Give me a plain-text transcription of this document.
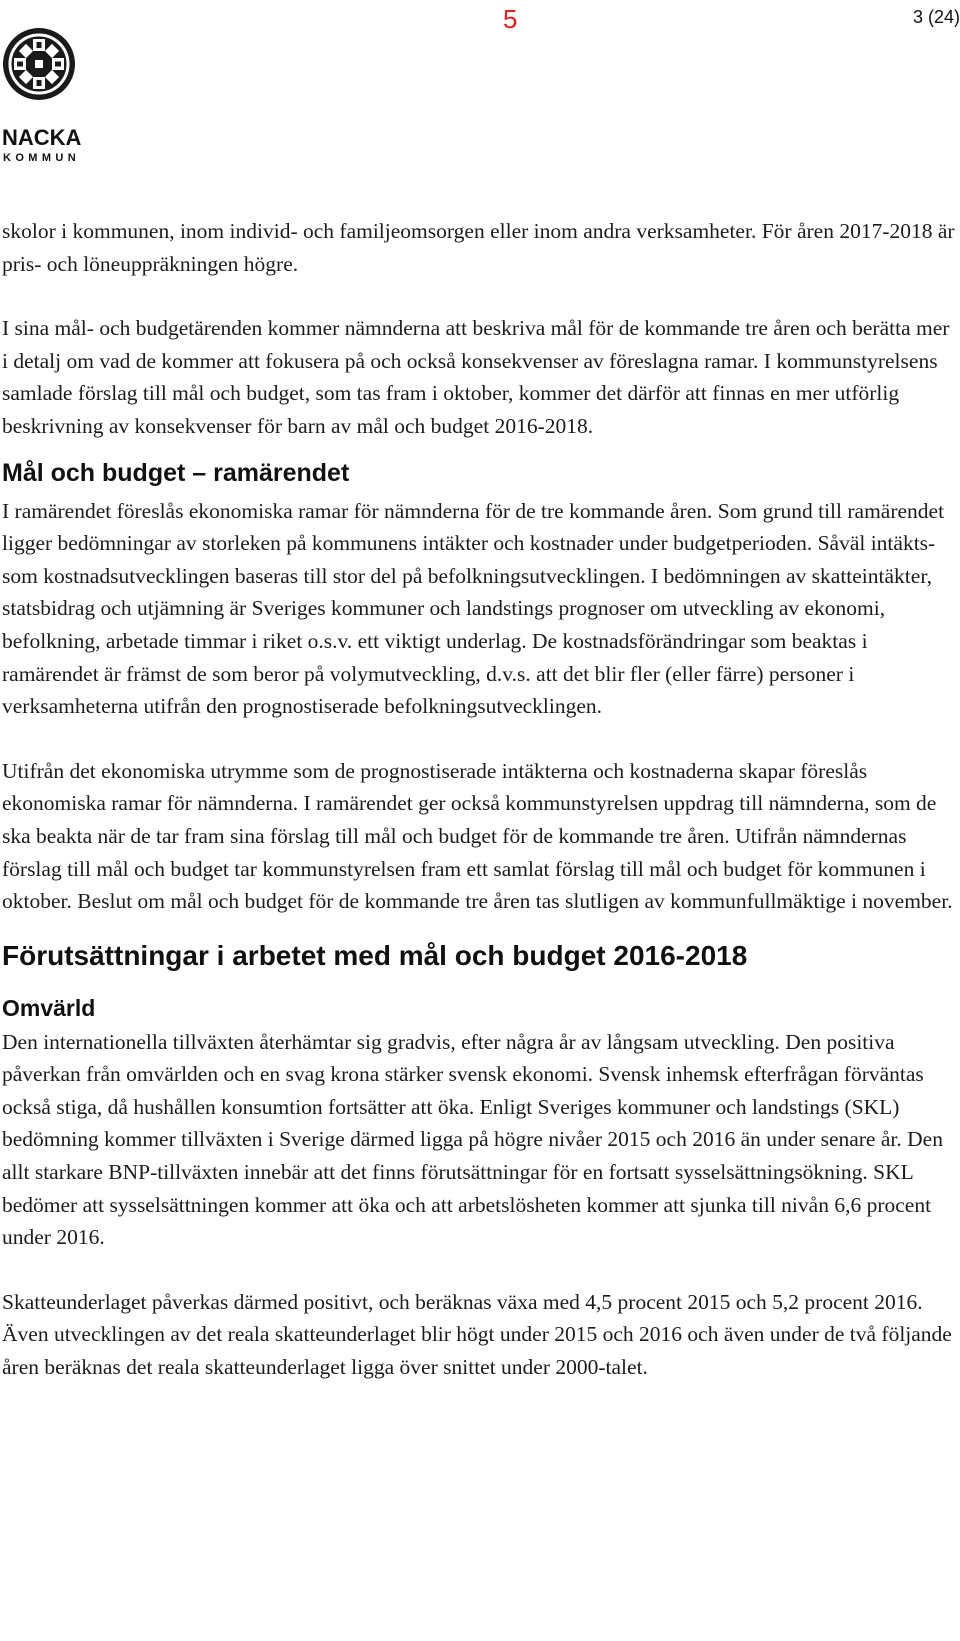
5	3 (24)
NACKA
KOMMUN

skolor i kommunen, inom individ- och familjeomsorgen eller inom andra verksamheter. För åren 2017-2018 är pris- och löneuppräkningen högre.

I sina mål- och budgetärenden kommer nämnderna att beskriva mål för de kommande tre åren och berätta mer i detalj om vad de kommer att fokusera på och också konsekvenser av föreslagna ramar. I kommunstyrelsens samlade förslag till mål och budget, som tas fram i oktober, kommer det därför att finnas en mer utförlig beskrivning av konsekvenser för barn av mål och budget 2016-2018.

Mål och budget – ramärendet

I ramärendet föreslås ekonomiska ramar för nämnderna för de tre kommande åren. Som grund till ramärendet ligger bedömningar av storleken på kommunens intäkter och kostnader under budgetperioden. Såväl intäkts- som kostnadsutvecklingen baseras till stor del på befolkningsutvecklingen. I bedömningen av skatteintäkter, statsbidrag och utjämning är Sveriges kommuner och landstings prognoser om utveckling av ekonomi, befolkning, arbetade timmar i riket o.s.v. ett viktigt underlag. De kostnadsförändringar som beaktas i ramärendet är främst de som beror på volymutveckling, d.v.s. att det blir fler (eller färre) personer i verksamheterna utifrån den prognostiserade befolkningsutvecklingen.

Utifrån det ekonomiska utrymme som de prognostiserade intäkterna och kostnaderna skapar föreslås ekonomiska ramar för nämnderna. I ramärendet ger också kommunstyrelsen uppdrag till nämnderna, som de ska beakta när de tar fram sina förslag till mål och budget för de kommande tre åren. Utifrån nämndernas förslag till mål och budget tar kommunstyrelsen fram ett samlat förslag till mål och budget för kommunen i oktober. Beslut om mål och budget för de kommande tre åren tas slutligen av kommunfullmäktige i november.

Förutsättningar i arbetet med mål och budget 2016-2018
Omvärld

Den internationella tillväxten återhämtar sig gradvis, efter några år av långsam utveckling. Den positiva påverkan från omvärlden och en svag krona stärker svensk ekonomi. Svensk inhemsk efterfrågan förväntas också stiga, då hushållen konsumtion fortsätter att öka. Enligt Sveriges kommuner och landstings (SKL) bedömning kommer tillväxten i Sverige därmed ligga på högre nivåer 2015 och 2016 än under senare år. Den allt starkare BNP-tillväxten innebär att det finns förutsättningar för en fortsatt sysselsättningsökning. SKL bedömer att sysselsättningen kommer att öka och att arbetslösheten kommer att sjunka till nivån 6,6 procent under 2016.

Skatteunderlaget påverkas därmed positivt, och beräknas växa med 4,5 procent 2015 och 5,2 procent 2016. Även utvecklingen av det reala skatteunderlaget blir högt under 2015 och 2016 och även under de två följande åren beräknas det reala skatteunderlaget ligga över snittet under 2000-talet.
